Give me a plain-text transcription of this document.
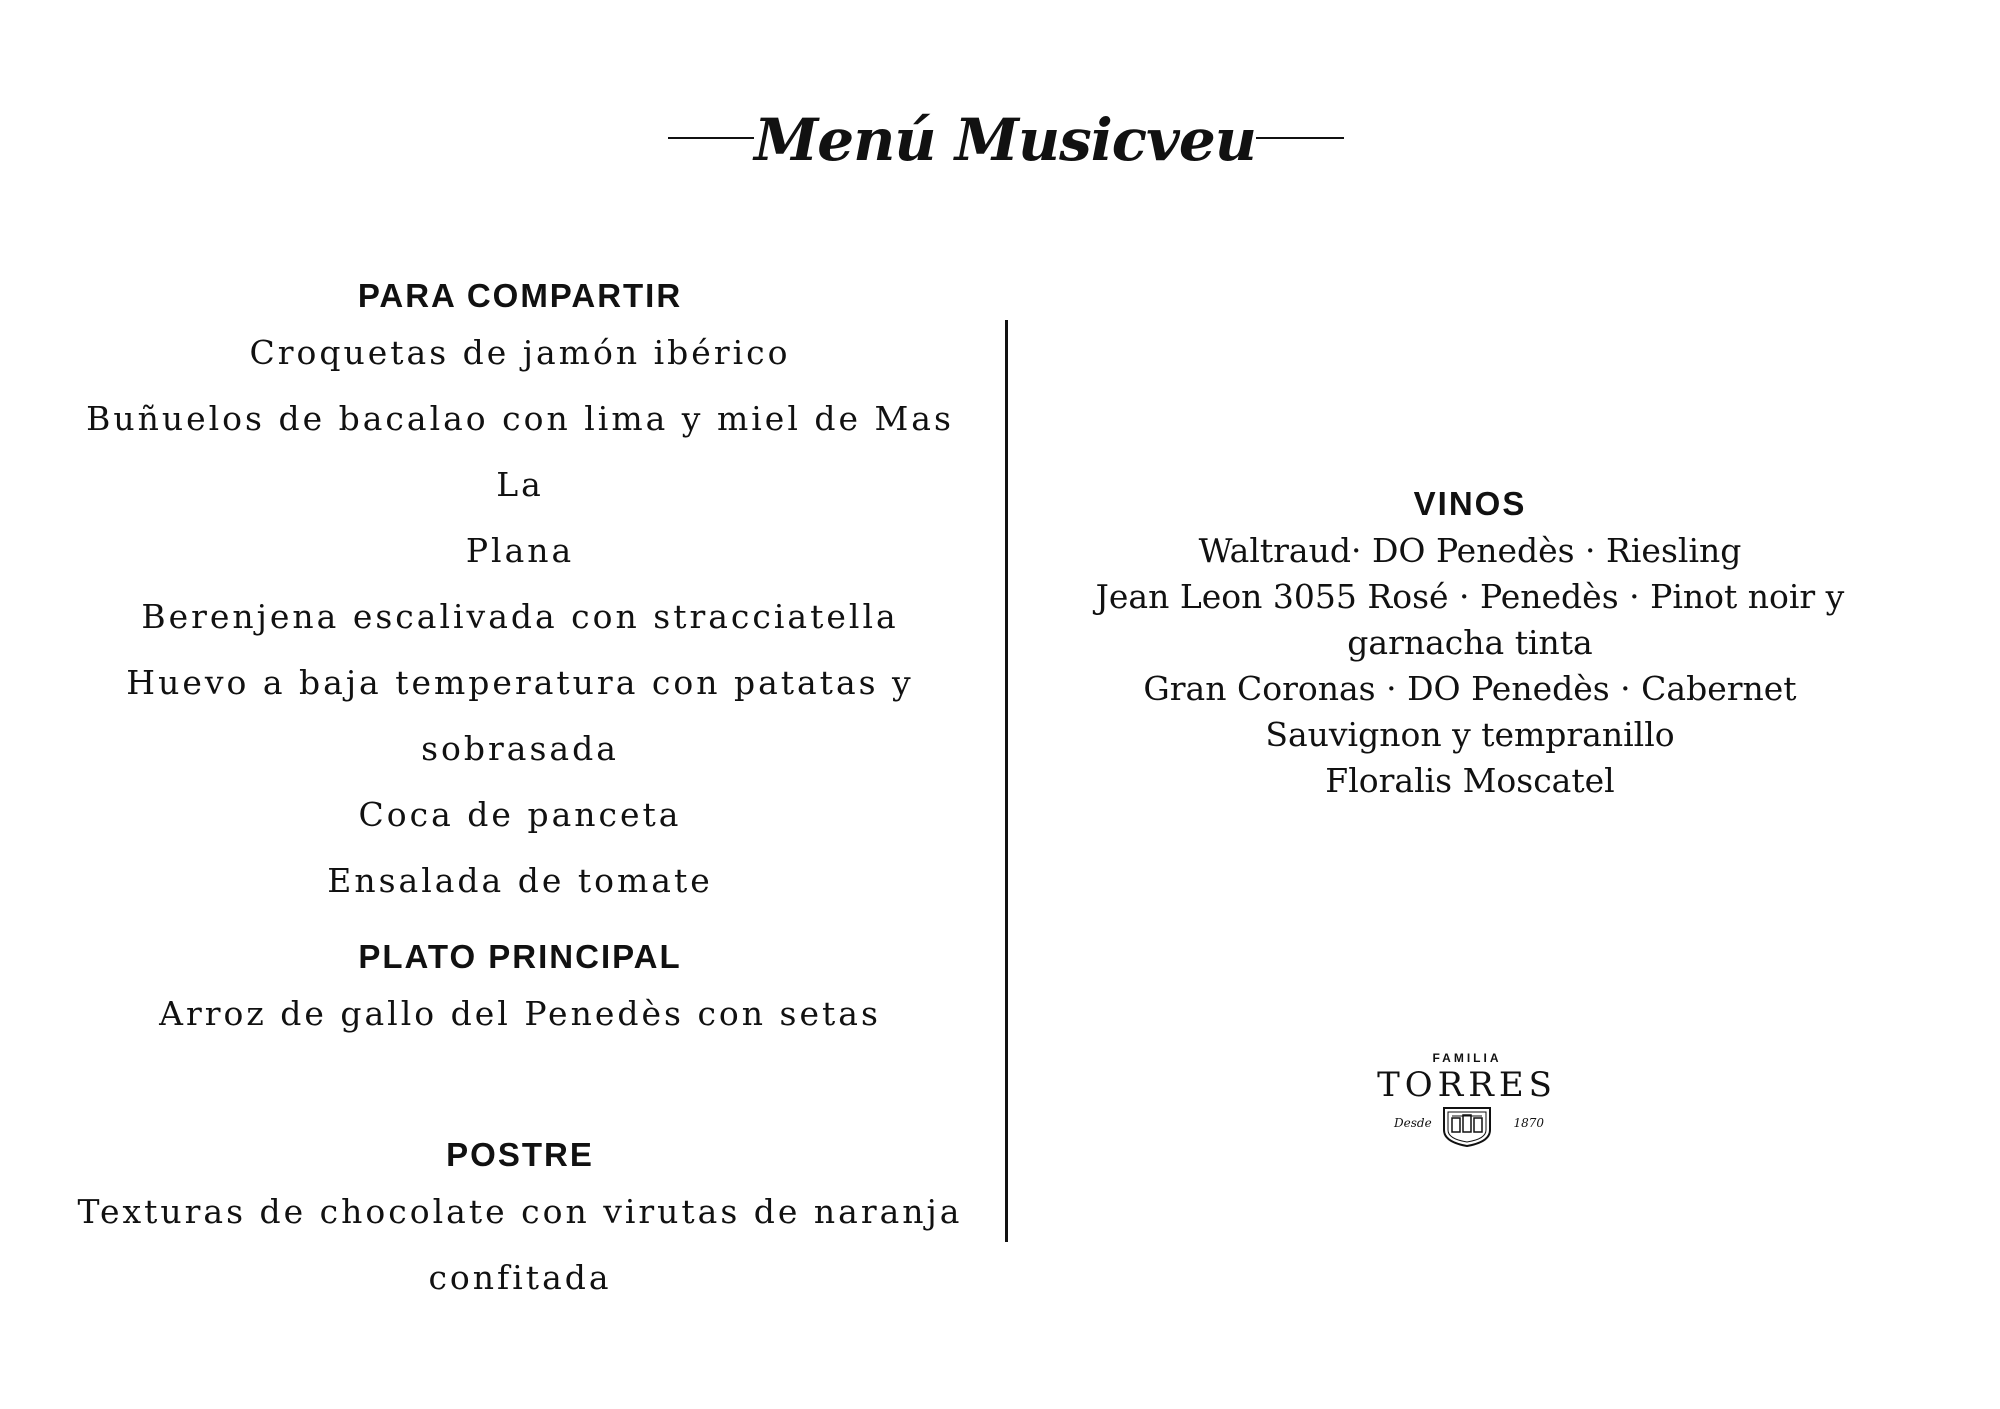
Menú Musicveu

PARA COMPARTIR

Croquetas de jamón ibérico

Buñuelos de bacalao con lima y miel de Mas La

Plana

Berenjena escalivada con stracciatella

Huevo a baja temperatura con patatas y

sobrasada

Coca de panceta

Ensalada de tomate

PLATO PRINCIPAL

Arroz de gallo del Penedès con setas

POSTRE

Texturas de chocolate con virutas de naranja

confitada

VINOS

Waltraud· DO Penedès · Riesling

Jean Leon 3055 Rosé · Penedès · Pinot noir y

garnacha tinta

Gran Coronas · DO Penedès · Cabernet

Sauvignon y tempranillo

Floralis Moscatel

FAMILIA
TORRES
Desde	1870
